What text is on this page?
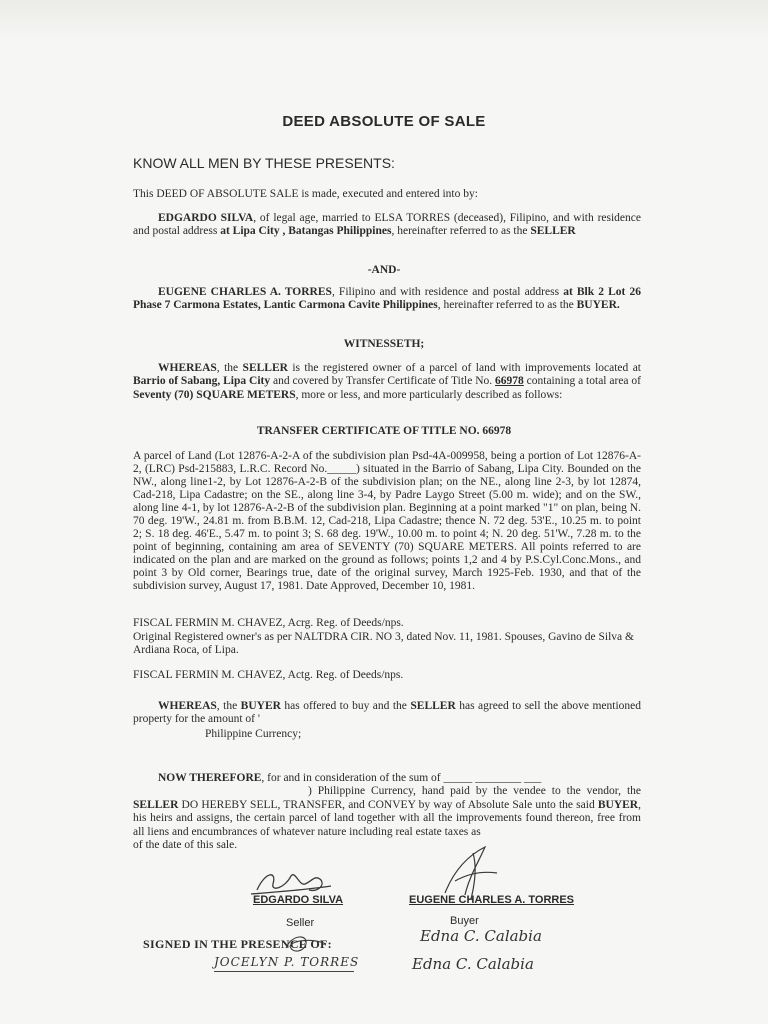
DEED ABSOLUTE OF SALE
KNOW ALL MEN BY THESE PRESENTS:
This DEED OF ABSOLUTE SALE is made, executed and entered into by:
EDGARDO SILVA, of legal age, married to ELSA TORRES (deceased), Filipino, and with residence and postal address at Lipa City , Batangas Philippines, hereinafter referred to as the SELLER
-AND-
EUGENE CHARLES A. TORRES, Filipino and with residence and postal address at Blk 2 Lot 26 Phase 7 Carmona Estates, Lantic Carmona Cavite Philippines, hereinafter referred to as the BUYER.
WITNESSETH;
WHEREAS, the SELLER is the registered owner of a parcel of land with improvements located at Barrio of Sabang, Lipa City and covered by Transfer Certificate of Title No. 66978 containing a total area of Seventy (70) SQUARE METERS, more or less, and more particularly described as follows:
TRANSFER CERTIFICATE OF TITLE NO. 66978
A parcel of Land (Lot 12876-A-2-A of the subdivision plan Psd-4A-009958, being a portion of Lot 12876-A-2, (LRC) Psd-215883, L.R.C. Record No._____) situated in the Barrio of Sabang, Lipa City. Bounded on the NW., along line1-2, by Lot 12876-A-2-B of the subdivision plan; on the NE., along line 2-3, by lot 12874, Cad-218, Lipa Cadastre; on the SE., along line 3-4, by Padre Laygo Street (5.00 m. wide); and on the SW., along line 4-1, by lot 12876-A-2-B of the subdivision plan. Beginning at a point marked "1" on plan, being N. 70 deg. 19'W., 24.81 m. from B.B.M. 12, Cad-218, Lipa Cadastre; thence N. 72 deg. 53'E., 10.25 m. to point 2; S. 18 deg. 46'E., 5.47 m. to point 3; S. 68 deg. 19'W., 10.00 m. to point 4; N. 20 deg. 51'W., 7.28 m. to the point of beginning, containing am area of SEVENTY (70) SQUARE METERS. All points referred to are indicated on the plan and are marked on the ground as follows; points 1,2 and 4 by P.S.Cyl.Conc.Mons., and point 3 by Old corner, Bearings true, date of the original survey, March 1925-Feb. 1930, and that of the subdivision survey, August 17, 1981. Date Approved, December 10, 1981.
FISCAL FERMIN M. CHAVEZ, Acrg. Reg. of Deeds/nps.
Original Registered owner's as per NALTDRA CIR. NO 3, dated Nov. 11, 1981. Spouses, Gavino de Silva & Ardiana Roca, of Lipa.
FISCAL FERMIN M. CHAVEZ, Actg. Reg. of Deeds/nps.
WHEREAS, the BUYER has offered to buy and the SELLER has agreed to sell the above mentioned property for the amount of '
Philippine Currency;
NOW THEREFORE, for and in consideration of the sum of _____ ________ ___
) Philippine Currency, hand paid by the vendee to the vendor, the SELLER DO HEREBY SELL, TRANSFER, and CONVEY by way of Absolute Sale unto the said BUYER, his heirs and assigns, the certain parcel of land together with all the improvements found thereon, free from all liens and encumbrances of whatever nature including real estate taxes as
of the date of this sale.
EDGARDO SILVA
Seller
EUGENE CHARLES A. TORRES
Buyer
SIGNED IN THE PRESENCE OF:
JOCELYN P. TORRES
Edna C. Calabia
Edna C. Calabia
